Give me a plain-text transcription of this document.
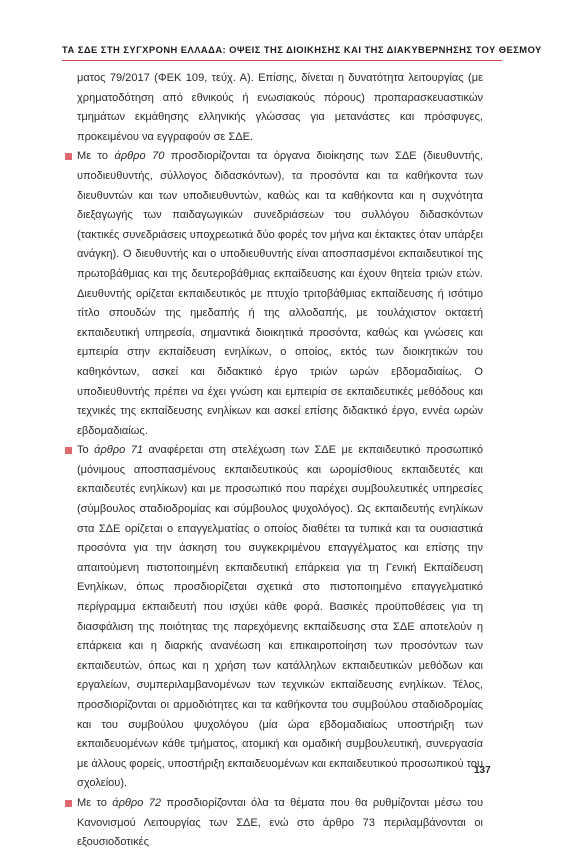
ΤΑ ΣΔΕ ΣΤΗ ΣΥΓΧΡΟΝΗ ΕΛΛΑΔΑ: ΟΨΕΙΣ ΤΗΣ ΔΙΟΙΚΗΣΗΣ ΚΑΙ ΤΗΣ ΔΙΑΚΥΒΕΡΝΗΣΗΣ ΤΟΥ ΘΕΣΜΟΥ

ματος 79/2017 (ΦΕΚ 109, τεύχ. Α). Επίσης, δίνεται η δυνατότητα λειτουργίας (με χρηματοδότηση από εθνικούς ή ενωσιακούς πόρους) προπαρασκευαστικών τμημάτων εκμάθησης ελληνικής γλώσσας για μετανάστες και πρόσφυγες, προκειμένου να εγγραφούν σε ΣΔΕ.

Με το άρθρο 70 προσδιορίζονται τα όργανα διοίκησης των ΣΔΕ (διευθυντής, υποδιευθυντής, σύλλογος διδασκόντων), τα προσόντα και τα καθήκοντα των διευθυντών και των υποδιευθυντών, καθώς και τα καθήκοντα και η συχνότητα διεξαγωγής των παιδαγωγικών συνεδριάσεων του συλλόγου διδασκόντων (τακτικές συνεδριάσεις υποχρεωτικά δύο φορές τον μήνα και έκτακτες όταν υπάρξει ανάγκη). Ο διευθυντής και ο υποδιευθυντής είναι αποσπασμένοι εκπαιδευτικοί της πρωτοβάθμιας και της δευτεροβάθμιας εκπαίδευσης και έχουν θητεία τριών ετών. Διευθυντής ορίζεται εκπαιδευτικός με πτυχίο τριτοβάθμιας εκπαίδευσης ή ισότιμο τίτλο σπουδών της ημεδαπής ή της αλλοδαπής, με τουλάχιστον οκταετή εκπαιδευτική υπηρεσία, σημαντικά διοικητικά προσόντα, καθώς και γνώσεις και εμπειρία στην εκπαίδευση ενηλίκων, ο οποίος, εκτός των διοικητικών του καθηκόντων, ασκεί και διδακτικό έργο τριών ωρών εβδομαδιαίως. Ο υποδιευθυντής πρέπει να έχει γνώση και εμπειρία σε εκπαιδευτικές μεθόδους και τεχνικές της εκπαίδευσης ενηλίκων και ασκεί επίσης διδακτικό έργο, εννέα ωρών εβδομαδιαίως.

Το άρθρο 71 αναφέρεται στη στελέχωση των ΣΔΕ με εκπαιδευτικό προσωπικό (μόνιμους αποσπασμένους εκπαιδευτικούς και ωρομίσθιους εκπαιδευτές και εκπαιδευτές ενηλίκων) και με προσωπικό που παρέχει συμβουλευτικές υπηρεσίες (σύμβουλος σταδιοδρομίας και σύμβουλος ψυχολόγος). Ως εκπαιδευτής ενηλίκων στα ΣΔΕ ορίζεται ο επαγγελματίας ο οποίος διαθέτει τα τυπικά και τα ουσιαστικά προσόντα για την άσκηση του συγκεκριμένου επαγγέλματος και επίσης την απαιτούμενη πιστοποιημένη εκπαιδευτική επάρκεια για τη Γενική Εκπαίδευση Ενηλίκων, όπως προσδιορίζεται σχετικά στο πιστοποιημένο επαγγελματικό περίγραμμα εκπαιδευτή που ισχύει κάθε φορά. Βασικές προϋποθέσεις για τη διασφάλιση της ποιότητας της παρεχόμενης εκπαίδευσης στα ΣΔΕ αποτελούν η επάρκεια και η διαρκής ανανέωση και επικαιροποίηση των προσόντων των εκπαιδευτών, όπως και η χρήση των κατάλληλων εκπαιδευτικών μεθόδων και εργαλείων, συμπεριλαμβανομένων των τεχνικών εκπαίδευσης ενηλίκων. Τέλος, προσδιορίζονται οι αρμοδιότητες και τα καθήκοντα του συμβούλου σταδιοδρομίας και του συμβούλου ψυχολόγου (μία ώρα εβδομαδιαίως υποστήριξη των εκπαιδευομένων κάθε τμήματος, ατομική και ομαδική συμβουλευτική, συνεργασία με άλλους φορείς, υποστήριξη εκπαιδευομένων και εκπαιδευτικού προσωπικού του σχολείου).

Με το άρθρο 72 προσδιορίζονται όλα τα θέματα που θα ρυθμίζονται μέσω του Κανονισμού Λειτουργίας των ΣΔΕ, ενώ στο άρθρο 73 περιλαμβάνονται οι εξουσιοδοτικές

137
